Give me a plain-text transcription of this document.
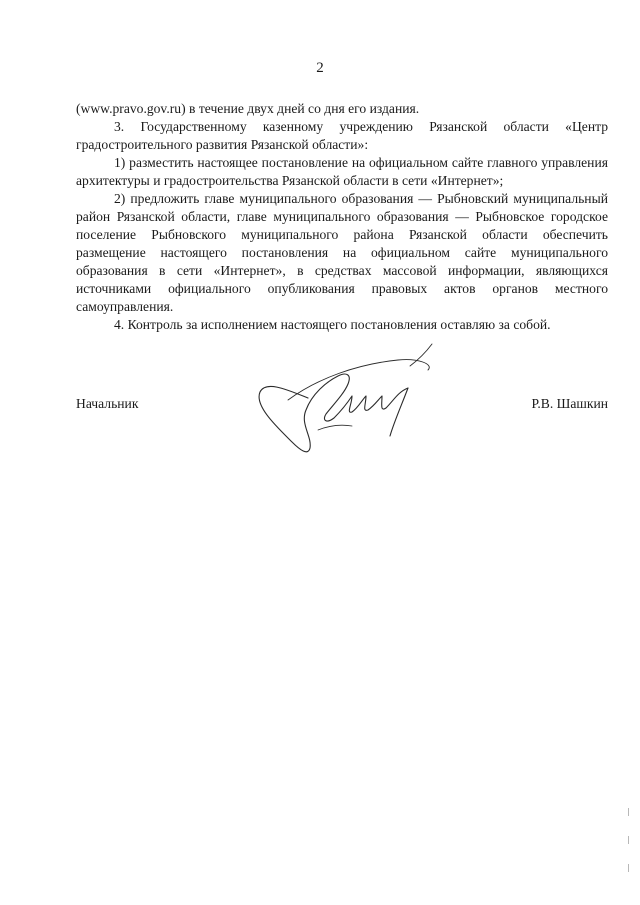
2

(www.pravo.gov.ru) в течение двух дней со дня его издания.

3. Государственному казенному учреждению Рязанской области «Центр градостроительного развития Рязанской области»:

1) разместить настоящее постановление на официальном сайте главного управления архитектуры и градостроительства Рязанской области в сети «Интернет»;

2) предложить главе муниципального образования — Рыбновский муниципальный район Рязанской области, главе муниципального образования — Рыбновское городское поселение Рыбновского муниципального района Рязанской области обеспечить размещение настоящего постановления на официальном сайте муниципального образования в сети «Интернет», в средствах массовой информации, являющихся источниками официального опубликования правовых актов органов местного самоуправления.

4. Контроль за исполнением настоящего постановления оставляю за собой.

Начальник	Р.В. Шашкин
